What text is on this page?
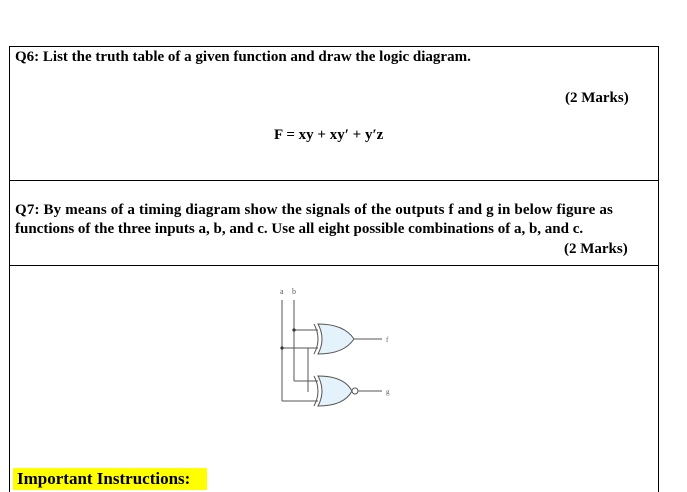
Q6: List the truth table of a given function and draw the logic diagram.
(2 Marks)
F = xy + xy′ + y′z
Q7: By means of a timing diagram show the signals of the outputs f and g in below figure as
functions of the three inputs a, b, and c. Use all eight possible combinations of a, b, and c.
(2 Marks)
a b
f
g
Important Instructions:
